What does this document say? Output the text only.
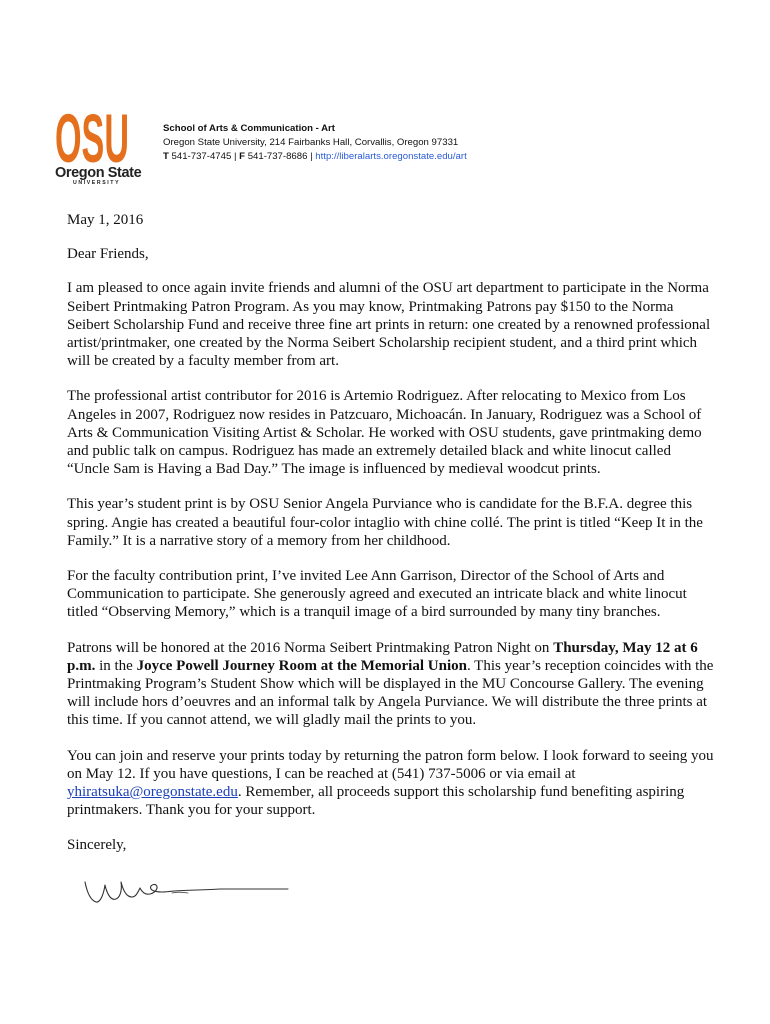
OSU
Oregon State
UNIVERSITY
School of Arts & Communication - Art
Oregon State University, 214 Fairbanks Hall, Corvallis, Oregon 97331
T 541-737-4745 | F 541-737-8686 | http://liberalarts.oregonstate.edu/art

May 1, 2016

Dear Friends,

I am pleased to once again invite friends and alumni of the OSU art department to participate in the Norma Seibert Printmaking Patron Program. As you may know, Printmaking Patrons pay $150 to the Norma Seibert Scholarship Fund and receive three fine art prints in return: one created by a renowned professional artist/printmaker, one created by the Norma Seibert Scholarship recipient student, and a third print which will be created by a faculty member from art.

The professional artist contributor for 2016 is Artemio Rodriguez. After relocating to Mexico from Los Angeles in 2007, Rodriguez now resides in Patzcuaro, Michoacán. In January, Rodriguez was a School of Arts & Communication Visiting Artist & Scholar. He worked with OSU students, gave printmaking demo and public talk on campus. Rodriguez has made an extremely detailed black and white linocut called “Uncle Sam is Having a Bad Day.” The image is influenced by medieval woodcut prints.

This year’s student print is by OSU Senior Angela Purviance who is candidate for the B.F.A. degree this spring. Angie has created a beautiful four-color intaglio with chine collé. The print is titled “Keep It in the Family.” It is a narrative story of a memory from her childhood.

For the faculty contribution print, I’ve invited Lee Ann Garrison, Director of the School of Arts and Communication to participate. She generously agreed and executed an intricate black and white linocut titled “Observing Memory,” which is a tranquil image of a bird surrounded by many tiny branches.

Patrons will be honored at the 2016 Norma Seibert Printmaking Patron Night on Thursday, May 12 at 6 p.m. in the Joyce Powell Journey Room at the Memorial Union. This year’s reception coincides with the Printmaking Program’s Student Show which will be displayed in the MU Concourse Gallery. The evening will include hors d’oeuvres and an informal talk by Angela Purviance. We will distribute the three prints at this time. If you cannot attend, we will gladly mail the prints to you.

You can join and reserve your prints today by returning the patron form below. I look forward to seeing you on May 12. If you have questions, I can be reached at (541) 737-5006 or via email at yhiratsuka@oregonstate.edu. Remember, all proceeds support this scholarship fund benefiting aspiring printmakers. Thank you for your support.

Sincerely,
